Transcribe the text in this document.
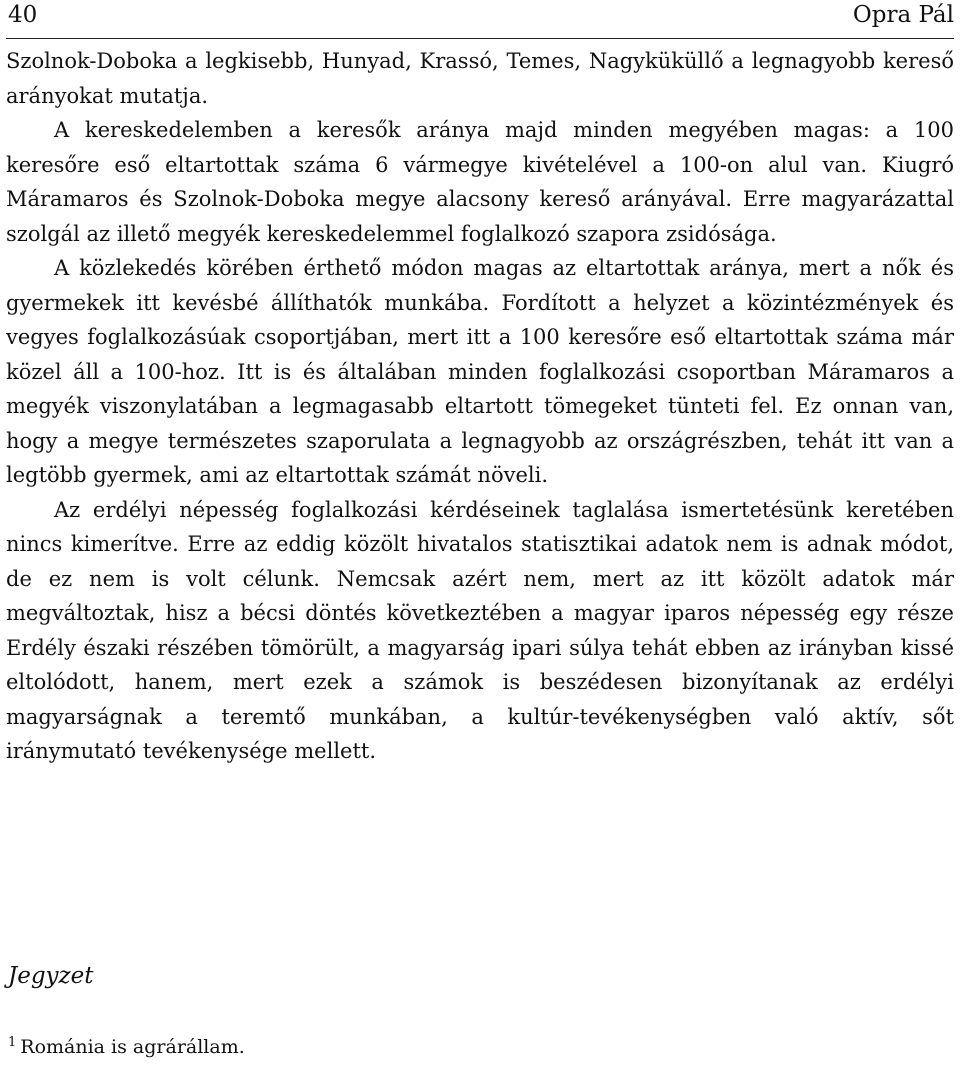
40	Opra Pál

Szolnok-Doboka a legkisebb, Hunyad, Krassó, Temes, Nagyküküllő a legnagyobb kereső arányokat mutatja.

A kereskedelemben a keresők aránya majd minden megyében magas: a 100 keresőre eső eltartottak száma 6 vármegye kivételével a 100-on alul van. Kiugró Máramaros és Szolnok-Doboka megye alacsony kereső arányával. Erre magyarázattal szolgál az illető megyék kereskedelemmel foglalkozó szapora zsidósága.

A közlekedés körében érthető módon magas az eltartottak aránya, mert a nők és gyermekek itt kevésbé állíthatók munkába. Fordított a helyzet a közintézmények és vegyes foglalkozásúak csoportjában, mert itt a 100 keresőre eső eltartottak száma már közel áll a 100-hoz. Itt is és általában minden foglalkozási csoportban Máramaros a megyék viszonylatában a legmagasabb eltartott tömegeket tünteti fel. Ez onnan van, hogy a megye természetes szaporulata a legnagyobb az országrészben, tehát itt van a legtöbb gyermek, ami az eltartottak számát növeli.

Az erdélyi népesség foglalkozási kérdéseinek taglalása ismertetésünk keretében nincs kimerítve. Erre az eddig közölt hivatalos statisztikai adatok nem is adnak módot, de ez nem is volt célunk. Nemcsak azért nem, mert az itt közölt adatok már megváltoztak, hisz a bécsi döntés következtében a magyar iparos népesség egy része Erdély északi részében tömörült, a magyarság ipari súlya tehát ebben az irányban kissé eltolódott, hanem, mert ezek a számok is beszédesen bizonyítanak az erdélyi magyarságnak a teremtő munkában, a kultúr-tevékenységben való aktív, sőt iránymutató tevékenysége mellett.

Jegyzet
$^1$ Románia is agrárállam.
